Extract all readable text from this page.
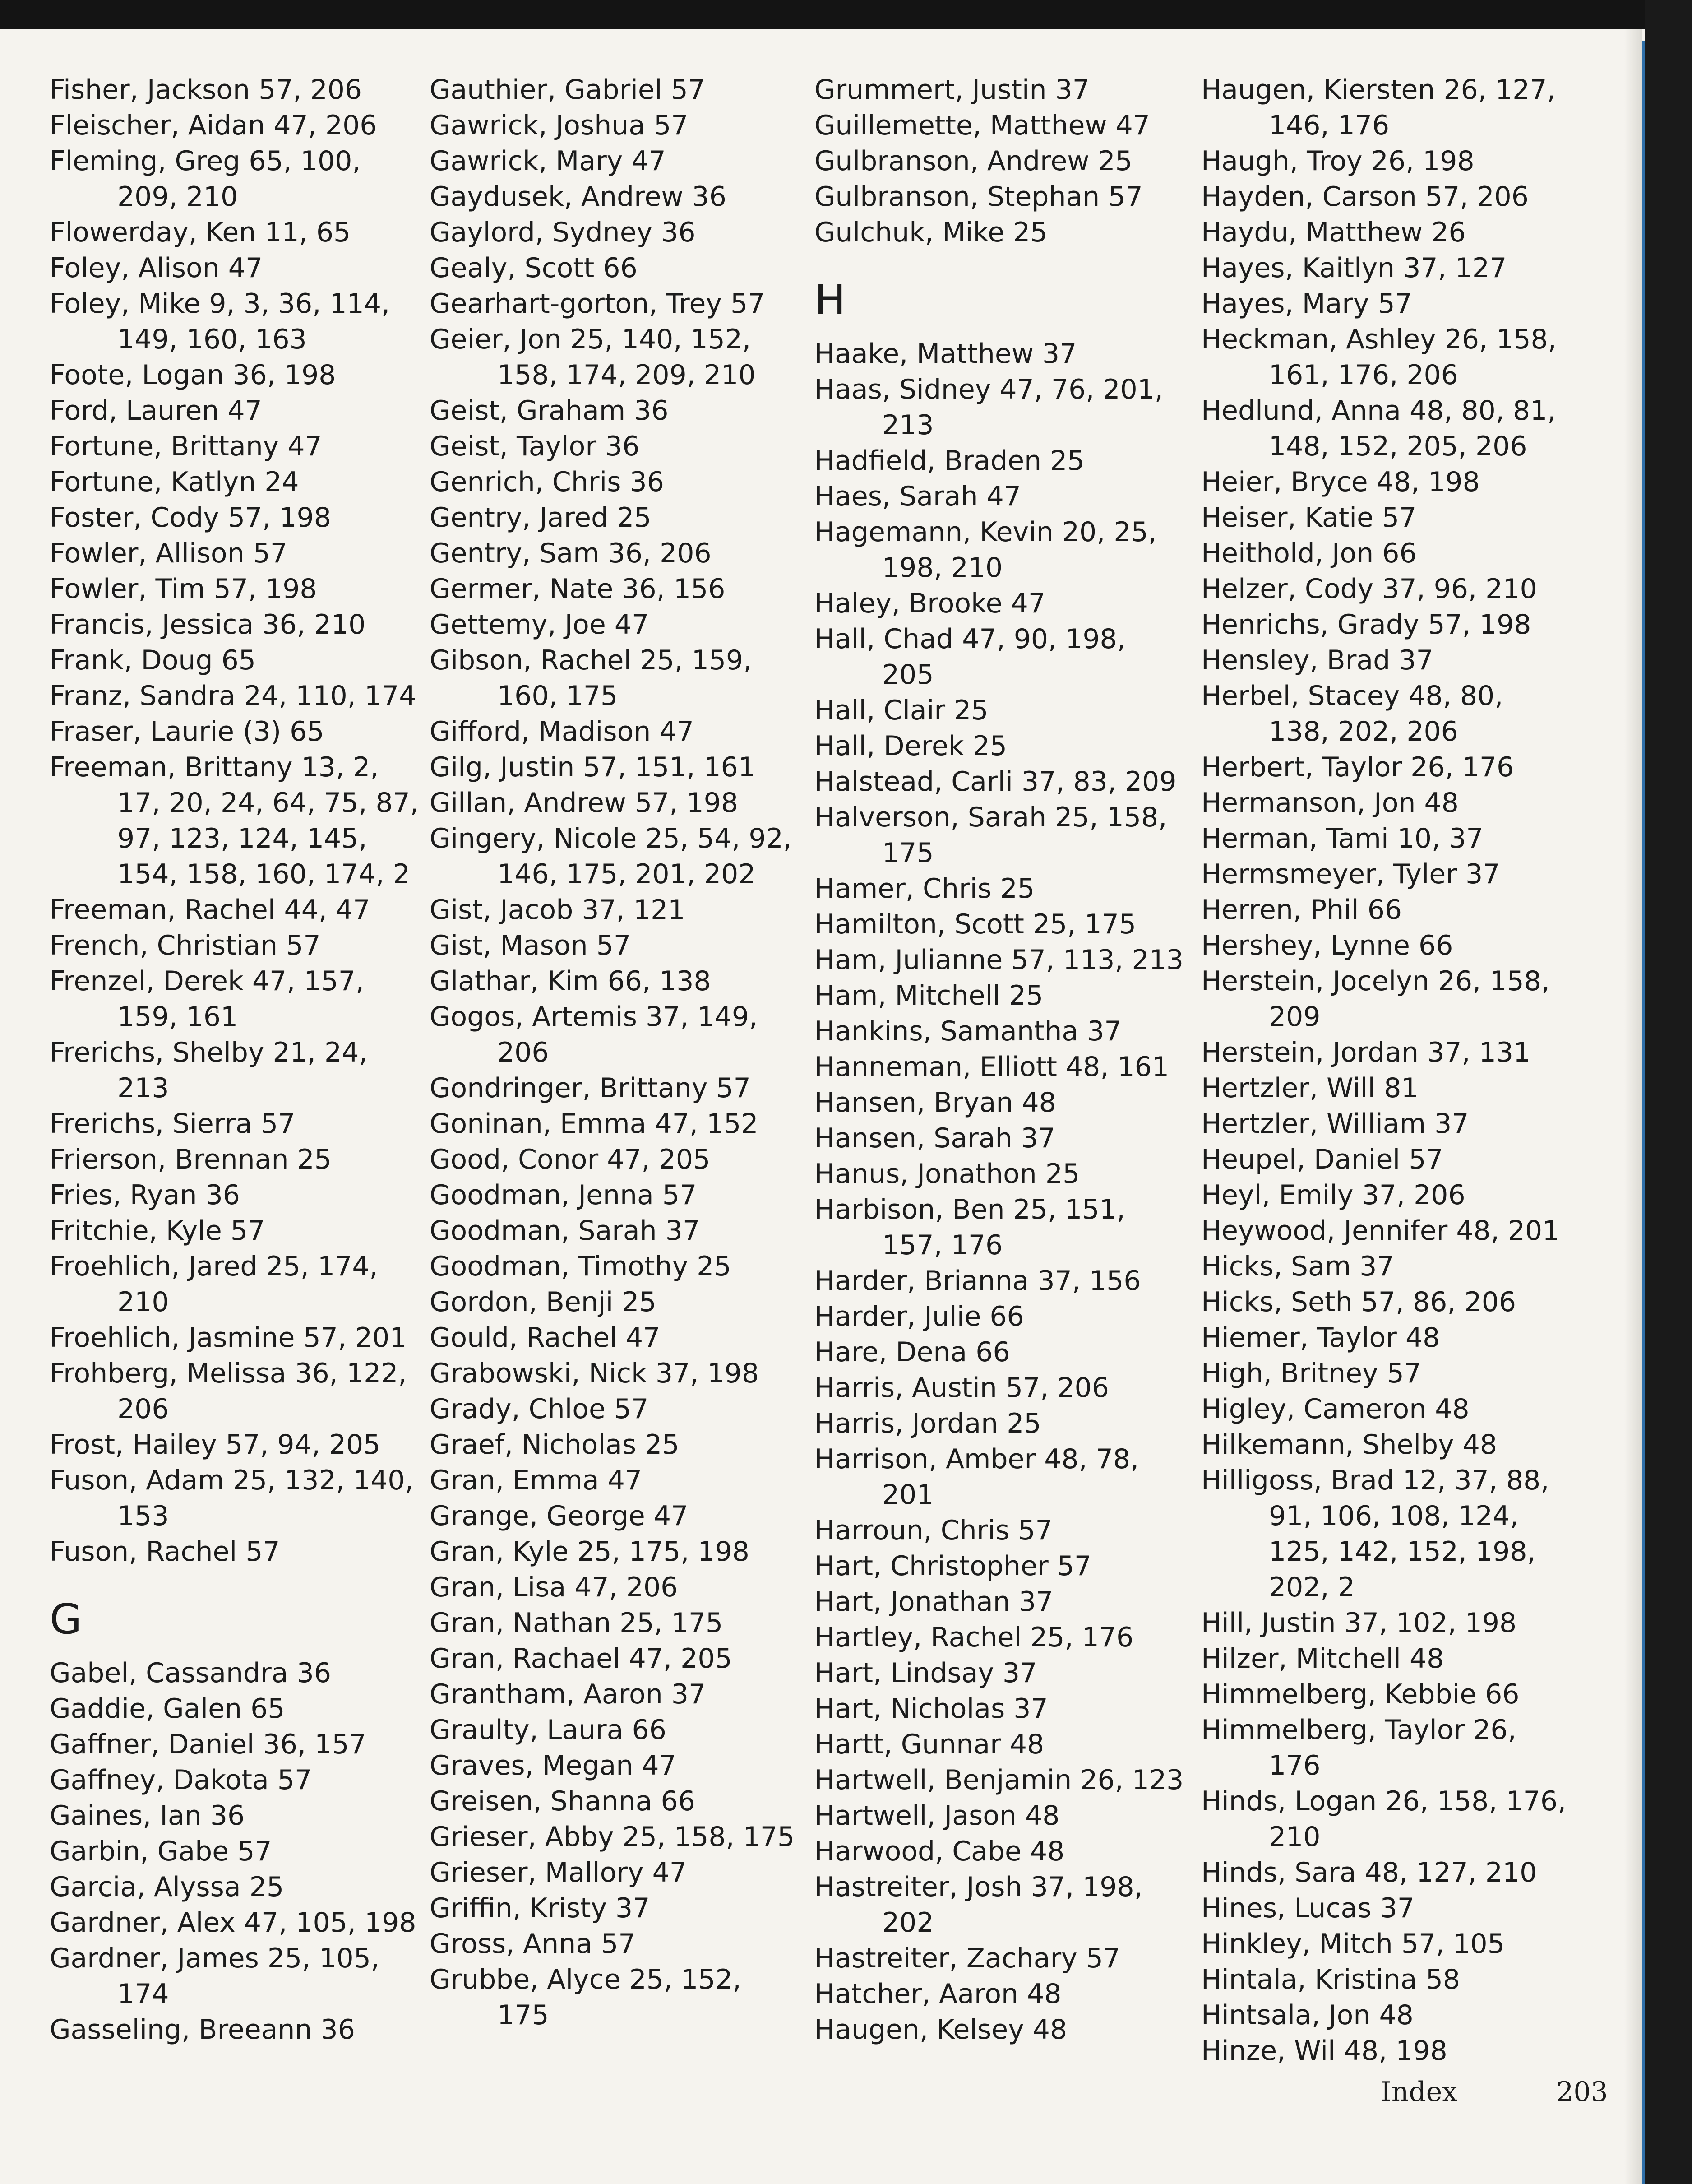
Fisher, Jackson 57, 206
Fleischer, Aidan 47, 206
Fleming, Greg 65, 100, 209, 210
Flowerday, Ken 11, 65
Foley, Alison 47
Foley, Mike 9, 3, 36, 114, 149, 160, 163
Foote, Logan 36, 198
Ford, Lauren 47
Fortune, Brittany 47
Fortune, Katlyn 24
Foster, Cody 57, 198
Fowler, Allison 57
Fowler, Tim 57, 198
Francis, Jessica 36, 210
Frank, Doug 65
Franz, Sandra 24, 110, 174
Fraser, Laurie (3) 65
Freeman, Brittany 13, 2, 17, 20, 24, 64, 75, 87, 97, 123, 124, 145, 154, 158, 160, 174, 2
Freeman, Rachel 44, 47
French, Christian 57
Frenzel, Derek 47, 157, 159, 161
Frerichs, Shelby 21, 24, 213
Frerichs, Sierra 57
Frierson, Brennan 25
Fries, Ryan 36
Fritchie, Kyle 57
Froehlich, Jared 25, 174, 210
Froehlich, Jasmine 57, 201
Frohberg, Melissa 36, 122, 206
Frost, Hailey 57, 94, 205
Fuson, Adam 25, 132, 140, 153
Fuson, Rachel 57
G
Gabel, Cassandra 36
Gaddie, Galen 65
Gaffner, Daniel 36, 157
Gaffney, Dakota 57
Gaines, Ian 36
Garbin, Gabe 57
Garcia, Alyssa 25
Gardner, Alex 47, 105, 198
Gardner, James 25, 105, 174
Gasseling, Breeann 36
Gauthier, Gabriel 57
Gawrick, Joshua 57
Gawrick, Mary 47
Gaydusek, Andrew 36
Gaylord, Sydney 36
Gealy, Scott 66
Gearhart-gorton, Trey 57
Geier, Jon 25, 140, 152, 158, 174, 209, 210
Geist, Graham 36
Geist, Taylor 36
Genrich, Chris 36
Gentry, Jared 25
Gentry, Sam 36, 206
Germer, Nate 36, 156
Gettemy, Joe 47
Gibson, Rachel 25, 159, 160, 175
Gifford, Madison 47
Gilg, Justin 57, 151, 161
Gillan, Andrew 57, 198
Gingery, Nicole 25, 54, 92, 146, 175, 201, 202
Gist, Jacob 37, 121
Gist, Mason 57
Glathar, Kim 66, 138
Gogos, Artemis 37, 149, 206
Gondringer, Brittany 57
Goninan, Emma 47, 152
Good, Conor 47, 205
Goodman, Jenna 57
Goodman, Sarah 37
Goodman, Timothy 25
Gordon, Benji 25
Gould, Rachel 47
Grabowski, Nick 37, 198
Grady, Chloe 57
Graef, Nicholas 25
Gran, Emma 47
Grange, George 47
Gran, Kyle 25, 175, 198
Gran, Lisa 47, 206
Gran, Nathan 25, 175
Gran, Rachael 47, 205
Grantham, Aaron 37
Graulty, Laura 66
Graves, Megan 47
Greisen, Shanna 66
Grieser, Abby 25, 158, 175
Grieser, Mallory 47
Griffin, Kristy 37
Gross, Anna 57
Grubbe, Alyce 25, 152, 175
Grummert, Justin 37
Guillemette, Matthew 47
Gulbranson, Andrew 25
Gulbranson, Stephan 57
Gulchuk, Mike 25
H
Haake, Matthew 37
Haas, Sidney 47, 76, 201, 213
Hadfield, Braden 25
Haes, Sarah 47
Hagemann, Kevin 20, 25, 198, 210
Haley, Brooke 47
Hall, Chad 47, 90, 198, 205
Hall, Clair 25
Hall, Derek 25
Halstead, Carli 37, 83, 209
Halverson, Sarah 25, 158, 175
Hamer, Chris 25
Hamilton, Scott 25, 175
Ham, Julianne 57, 113, 213
Ham, Mitchell 25
Hankins, Samantha 37
Hanneman, Elliott 48, 161
Hansen, Bryan 48
Hansen, Sarah 37
Hanus, Jonathon 25
Harbison, Ben 25, 151, 157, 176
Harder, Brianna 37, 156
Harder, Julie 66
Hare, Dena 66
Harris, Austin 57, 206
Harris, Jordan 25
Harrison, Amber 48, 78, 201
Harroun, Chris 57
Hart, Christopher 57
Hart, Jonathan 37
Hartley, Rachel 25, 176
Hart, Lindsay 37
Hart, Nicholas 37
Hartt, Gunnar 48
Hartwell, Benjamin 26, 123
Hartwell, Jason 48
Harwood, Cabe 48
Hastreiter, Josh 37, 198, 202
Hastreiter, Zachary 57
Hatcher, Aaron 48
Haugen, Kelsey 48
Haugen, Kiersten 26, 127, 146, 176
Haugh, Troy 26, 198
Hayden, Carson 57, 206
Haydu, Matthew 26
Hayes, Kaitlyn 37, 127
Hayes, Mary 57
Heckman, Ashley 26, 158, 161, 176, 206
Hedlund, Anna 48, 80, 81, 148, 152, 205, 206
Heier, Bryce 48, 198
Heiser, Katie 57
Heithold, Jon 66
Helzer, Cody 37, 96, 210
Henrichs, Grady 57, 198
Hensley, Brad 37
Herbel, Stacey 48, 80, 138, 202, 206
Herbert, Taylor 26, 176
Hermanson, Jon 48
Herman, Tami 10, 37
Hermsmeyer, Tyler 37
Herren, Phil 66
Hershey, Lynne 66
Herstein, Jocelyn 26, 158, 209
Herstein, Jordan 37, 131
Hertzler, Will 81
Hertzler, William 37
Heupel, Daniel 57
Heyl, Emily 37, 206
Heywood, Jennifer 48, 201
Hicks, Sam 37
Hicks, Seth 57, 86, 206
Hiemer, Taylor 48
High, Britney 57
Higley, Cameron 48
Hilkemann, Shelby 48
Hilligoss, Brad 12, 37, 88, 91, 106, 108, 124, 125, 142, 152, 198, 202, 2
Hill, Justin 37, 102, 198
Hilzer, Mitchell 48
Himmelberg, Kebbie 66
Himmelberg, Taylor 26, 176
Hinds, Logan 26, 158, 176, 210
Hinds, Sara 48, 127, 210
Hines, Lucas 37
Hinkley, Mitch 57, 105
Hintala, Kristina 58
Hintsala, Jon 48
Hinze, Wil 48, 198
Index	203
